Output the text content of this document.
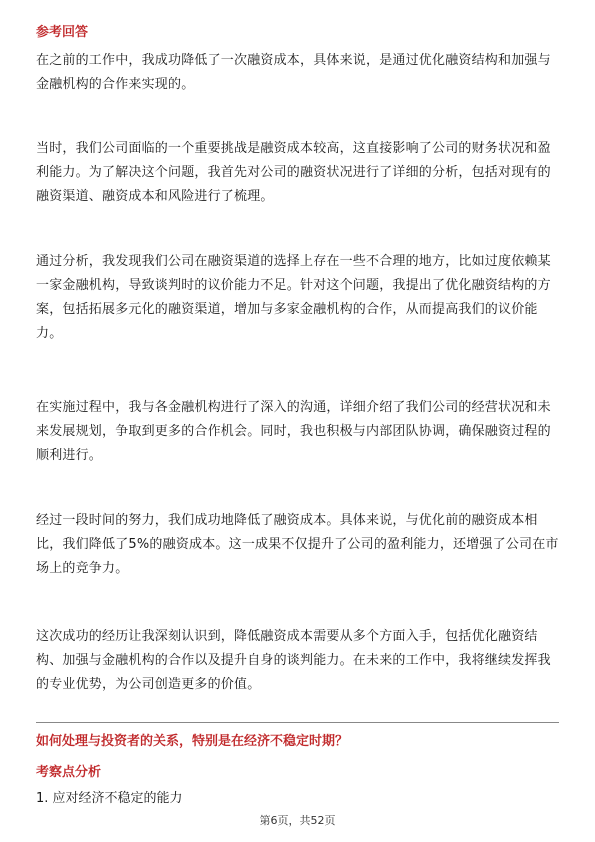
参考回答

在之前的工作中，我成功降低了一次融资成本，具体来说，是通过优化融资结构和加强与金融机构的合作来实现的。

当时，我们公司面临的一个重要挑战是融资成本较高，这直接影响了公司的财务状况和盈利能力。为了解决这个问题，我首先对公司的融资状况进行了详细的分析，包括对现有的融资渠道、融资成本和风险进行了梳理。

通过分析，我发现我们公司在融资渠道的选择上存在一些不合理的地方，比如过度依赖某一家金融机构，导致谈判时的议价能力不足。针对这个问题，我提出了优化融资结构的方案，包括拓展多元化的融资渠道，增加与多家金融机构的合作，从而提高我们的议价能力。

在实施过程中，我与各金融机构进行了深入的沟通，详细介绍了我们公司的经营状况和未来发展规划，争取到更多的合作机会。同时，我也积极与内部团队协调，确保融资过程的顺利进行。

经过一段时间的努力，我们成功地降低了融资成本。具体来说，与优化前的融资成本相比，我们降低了5%的融资成本。这一成果不仅提升了公司的盈利能力，还增强了公司在市场上的竞争力。

这次成功的经历让我深刻认识到，降低融资成本需要从多个方面入手，包括优化融资结构、加强与金融机构的合作以及提升自身的谈判能力。在未来的工作中，我将继续发挥我的专业优势，为公司创造更多的价值。

如何处理与投资者的关系，特别是在经济不稳定时期？
考察点分析

1. 应对经济不稳定的能力

第6页，共52页
